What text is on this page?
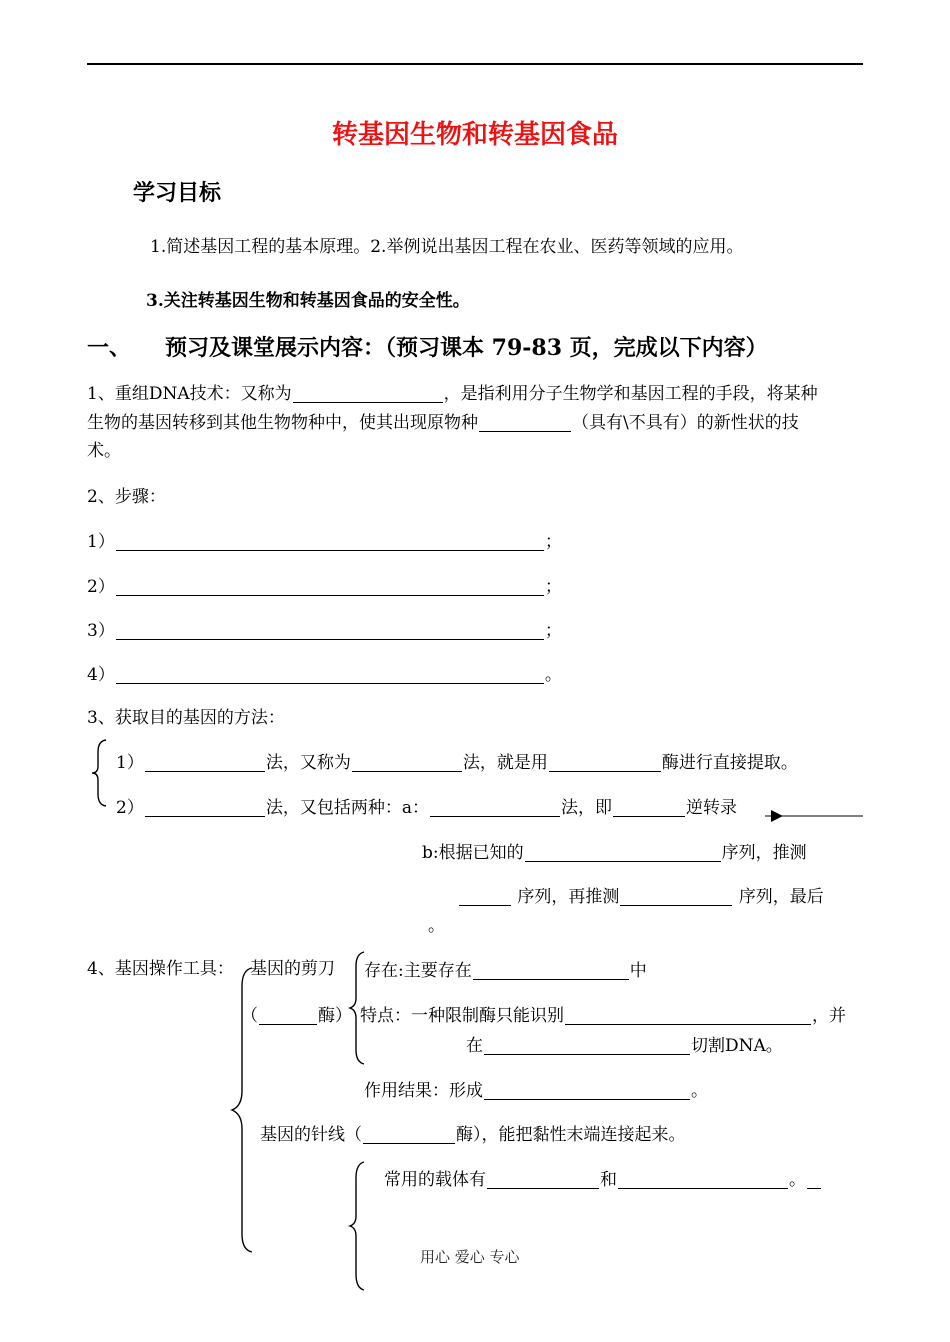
转基因生物和转基因食品
学习目标
1.简述基因工程的基本原理。2.举例说出基因工程在农业、医药等领域的应用。
3.关注转基因生物和转基因食品的安全性。
一、 预习及课堂展示内容：（预习课本 79-83 页，完成以下内容）
1、重组DNA技术：又称为	，是指利用分子生物学和基因工程的手段，将某种
生物的基因转移到其他生物物种中，使其出现原物种	（具有\不具有）的新性状的技
术。
2、步骤：
1）	；
2）	；
3）	；
4）	。
3、获取目的基因的方法：
1）	法，又称为	法，就是用	酶进行直接提取。
2）	法，又包括两种：a：	法，即	逆转录
b:根据已知的	序列，推测
序列，再推测	序列，最后
。
4、基因操作工具： 基因的剪刀
（	酶）
存在:主要存在	中
特点：一种限制酶只能识别	，并
在	切割DNA。
作用结果：形成	。
基因的针线（	酶），能把黏性末端连接起来。
常用的载体有	和	。
用心 爱心 专心
